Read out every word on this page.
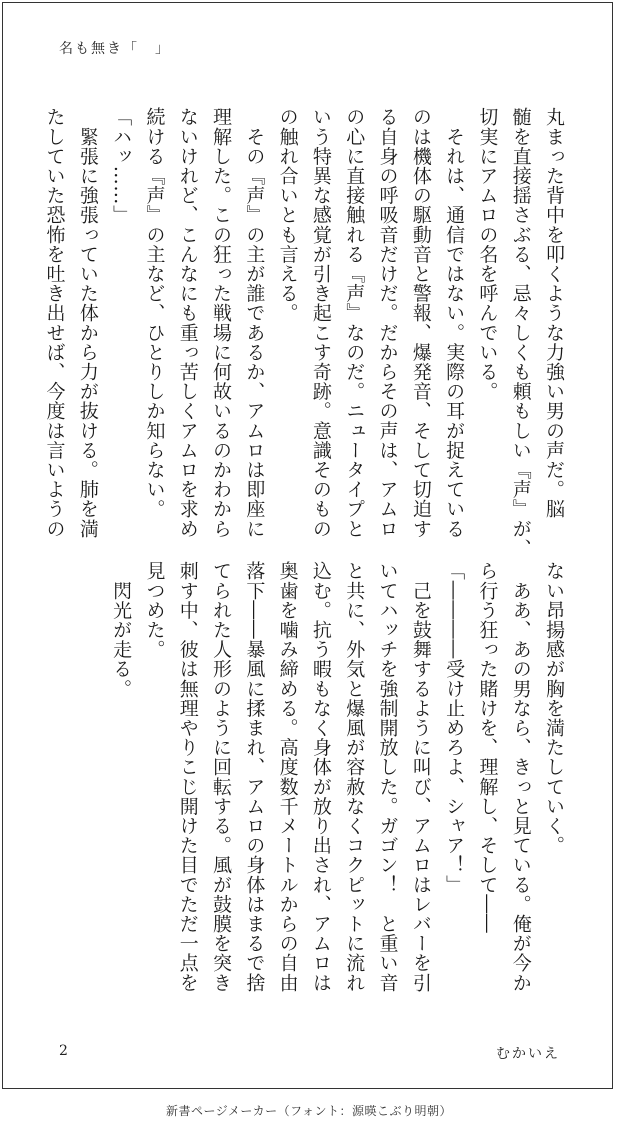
名も無き「　」

丸まった背中を叩くような力強い男の声だ。脳

髄を直接揺さぶる、忌々しくも頼もしい『声』が、

切実にアムロの名を呼んでいる。

　それは、通信ではない。実際の耳が捉えている

のは機体の駆動音と警報、爆発音、そして切迫す

る自身の呼吸音だけだ。だからその声は、アムロ

の心に直接触れる『声』なのだ。ニュータイプと

いう特異な感覚が引き起こす奇跡。意識そのもの

の触れ合いとも言える。

　その『声』の主が誰であるか、アムロは即座に

理解した。この狂った戦場に何故いるのかわから

ないけれど、こんなにも重っ苦しくアムロを求め

続ける『声』の主など、ひとりしか知らない。

「ハッ……」

　緊張に強張っていた体から力が抜ける。肺を満

たしていた恐怖を吐き出せば、今度は言いようの

ない昂揚感が胸を満たしていく。

　ああ、あの男なら、きっと見ている。俺が今か

ら行う狂った賭けを、理解し、そして――

「――――受け止めろよ、シャア！」

　己を鼓舞するように叫び、アムロはレバーを引

いてハッチを強制開放した。ガゴン！　と重い音

と共に、外気と爆風が容赦なくコクピットに流れ

込む。抗う暇もなく身体が放り出され、アムロは

奥歯を噛み締める。高度数千メートルからの自由

落下――暴風に揉まれ、アムロの身体はまるで捨

てられた人形のように回転する。風が鼓膜を突き

刺す中、彼は無理やりこじ開けた目でただ一点を

見つめた。

　閃光が走る。

2	むかいえ
新書ページメーカー（フォント：源暎こぶり明朝）
